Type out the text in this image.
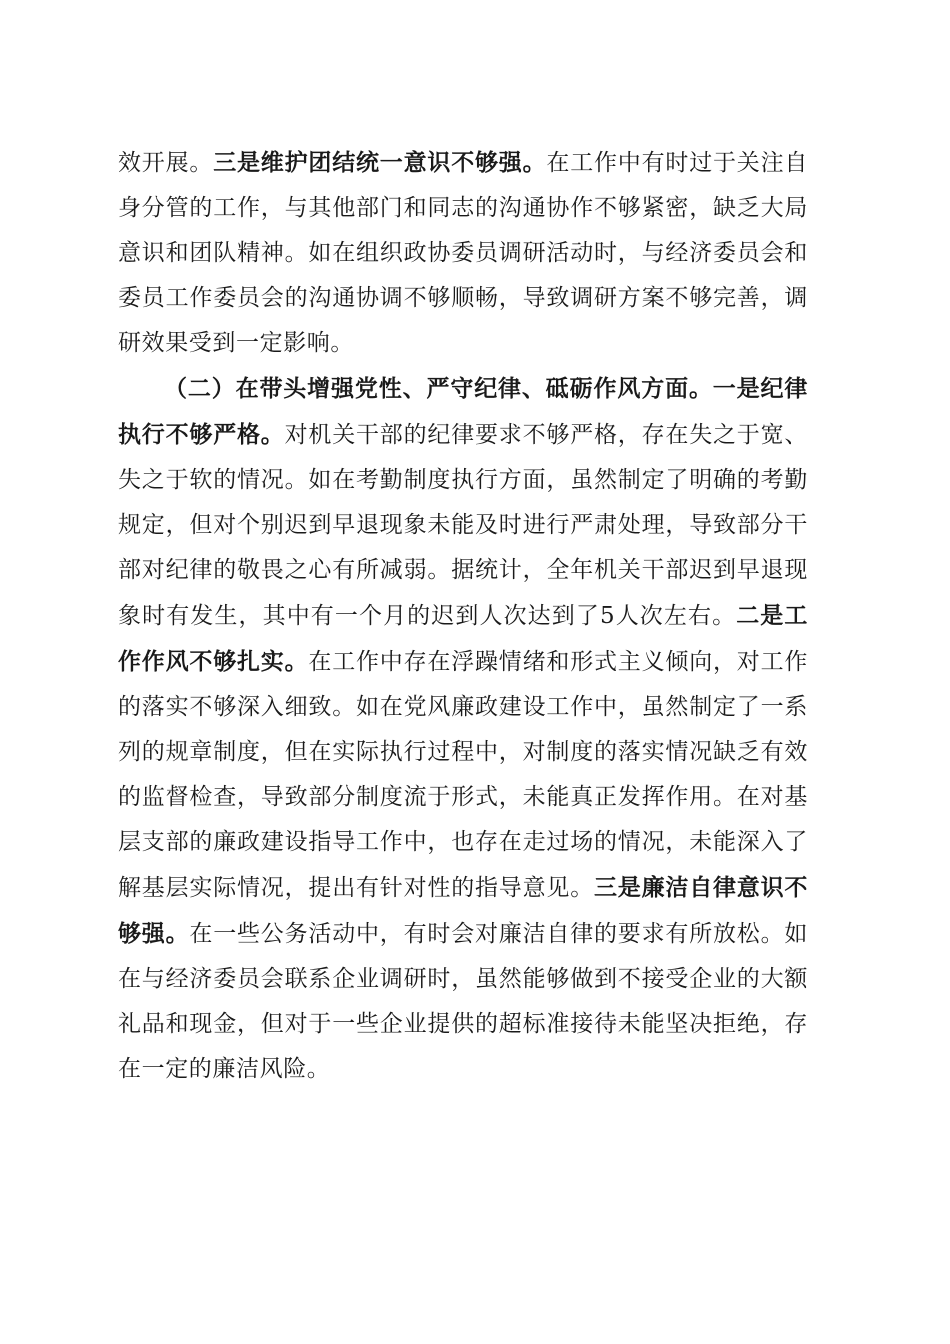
效开展。三是维护团结统一意识不够强。在工作中有时过于关注自身分管的工作，与其他部门和同志的沟通协作不够紧密，缺乏大局意识和团队精神。如在组织政协委员调研活动时，与经济委员会和委员工作委员会的沟通协调不够顺畅，导致调研方案不够完善，调研效果受到一定影响。

（二）在带头增强党性、严守纪律、砥砺作风方面。一是纪律执行不够严格。对机关干部的纪律要求不够严格，存在失之于宽、失之于软的情况。如在考勤制度执行方面，虽然制定了明确的考勤规定，但对个别迟到早退现象未能及时进行严肃处理，导致部分干部对纪律的敬畏之心有所减弱。据统计，全年机关干部迟到早退现象时有发生，其中有一个月的迟到人次达到了5人次左右。二是工作作风不够扎实。在工作中存在浮躁情绪和形式主义倾向，对工作的落实不够深入细致。如在党风廉政建设工作中，虽然制定了一系列的规章制度，但在实际执行过程中，对制度的落实情况缺乏有效的监督检查，导致部分制度流于形式，未能真正发挥作用。在对基层支部的廉政建设指导工作中，也存在走过场的情况，未能深入了解基层实际情况，提出有针对性的指导意见。三是廉洁自律意识不够强。在一些公务活动中，有时会对廉洁自律的要求有所放松。如在与经济委员会联系企业调研时，虽然能够做到不接受企业的大额礼品和现金，但对于一些企业提供的超标准接待未能坚决拒绝，存在一定的廉洁风险。
